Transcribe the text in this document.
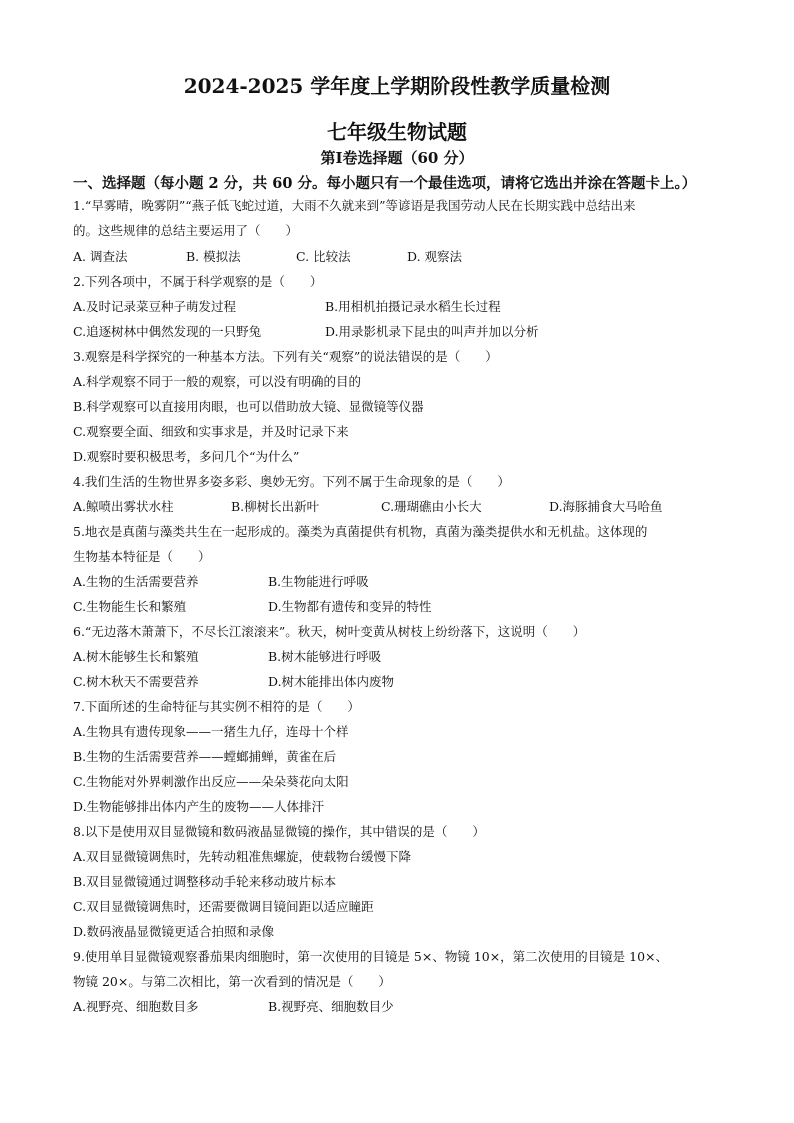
2024-2025 学年度上学期阶段性教学质量检测
七年级生物试题
第Ⅰ卷选择题（60 分）
一、选择题（每小题 2 分，共 60 分。每小题只有一个最佳选项，请将它选出并涂在答题卡上。）
1.“早雾晴，晚雾阴”“燕子低飞蛇过道，大雨不久就来到”等谚语是我国劳动人民在长期实践中总结出来
的。这些规律的总结主要运用了（　　）
A. 调查法	B. 模拟法	C. 比较法	D. 观察法
2.下列各项中，不属于科学观察的是（　　）
A.及时记录菜豆种子萌发过程	B.用相机拍摄记录水稻生长过程
C.追逐树林中偶然发现的一只野兔	D.用录影机录下昆虫的叫声并加以分析
3.观察是科学探究的一种基本方法。下列有关“观察”的说法错误的是（　　）
A.科学观察不同于一般的观察，可以没有明确的目的
B.科学观察可以直接用肉眼，也可以借助放大镜、显微镜等仪器
C.观察要全面、细致和实事求是，并及时记录下来
D.观察时要积极思考，多问几个“为什么”
4.我们生活的生物世界多姿多彩、奥妙无穷。下列不属于生命现象的是（　　）
A.鲸喷出雾状水柱	B.柳树长出新叶	C.珊瑚礁由小长大	D.海豚捕食大马哈鱼
5.地衣是真菌与藻类共生在一起形成的。藻类为真菌提供有机物，真菌为藻类提供水和无机盐。这体现的
生物基本特征是（　　）
A.生物的生活需要营养	B.生物能进行呼吸
C.生物能生长和繁殖	D.生物都有遗传和变异的特性
6.“无边落木萧萧下，不尽长江滚滚来”。秋天，树叶变黄从树枝上纷纷落下，这说明（　　）
A.树木能够生长和繁殖	B.树木能够进行呼吸
C.树木秋天不需要营养	D.树木能排出体内废物
7.下面所述的生命特征与其实例不相符的是（　　）
A.生物具有遗传现象——一猪生九仔，连母十个样
B.生物的生活需要营养——螳螂捕蝉，黄雀在后
C.生物能对外界刺激作出反应——朵朵葵花向太阳
D.生物能够排出体内产生的废物——人体排汗
8.以下是使用双目显微镜和数码液晶显微镜的操作，其中错误的是（　　）
A.双目显微镜调焦时，先转动粗准焦螺旋，使载物台缓慢下降
B.双目显微镜通过调整移动手轮来移动玻片标本
C.双目显微镜调焦时，还需要微调目镜间距以适应瞳距
D.数码液晶显微镜更适合拍照和录像
9.使用单目显微镜观察番茄果肉细胞时，第一次使用的目镜是 5×、物镜 10×，第二次使用的目镜是 10×、
物镜 20×。与第二次相比，第一次看到的情况是（　　）
A.视野亮、细胞数目多	B.视野亮、细胞数目少
